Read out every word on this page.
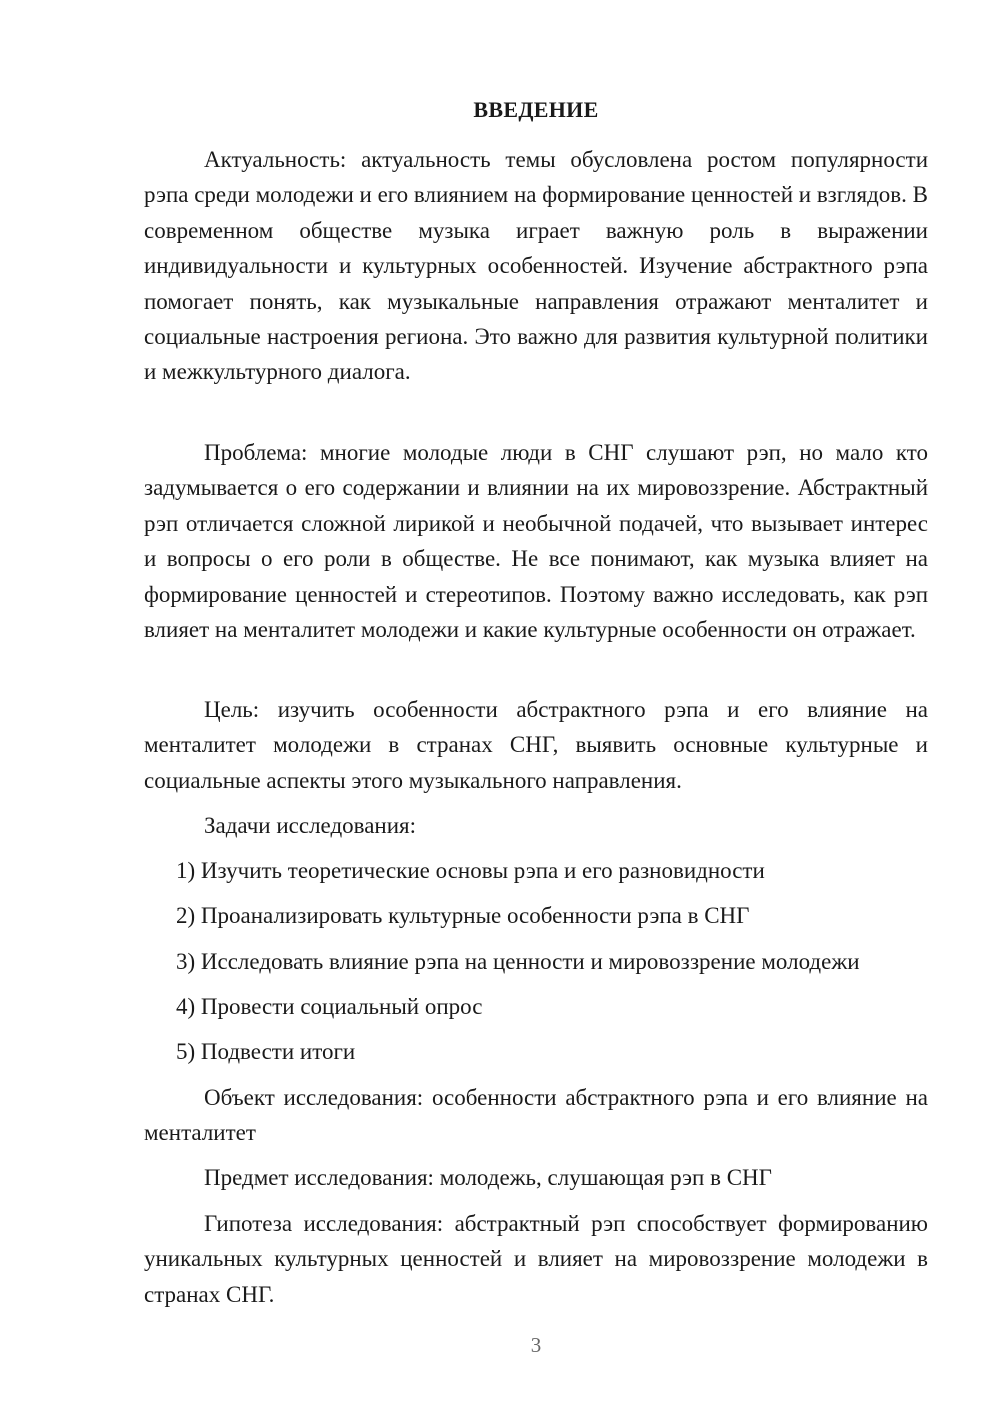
ВВЕДЕНИЕ

Актуальность: актуальность темы обусловлена ростом популярности рэпа среди молодежи и его влиянием на формирование ценностей и взглядов. В современном обществе музыка играет важную роль в выражении индивидуальности и культурных особенностей. Изучение абстрактного рэпа помогает понять, как музыкальные направления отражают менталитет и социальные настроения региона. Это важно для развития культурной политики и межкультурного диалога.

Проблема: многие молодые люди в СНГ слушают рэп, но мало кто задумывается о его содержании и влиянии на их мировоззрение. Абстрактный рэп отличается сложной лирикой и необычной подачей, что вызывает интерес и вопросы о его роли в обществе. Не все понимают, как музыка влияет на формирование ценностей и стереотипов. Поэтому важно исследовать, как рэп влияет на менталитет молодежи и какие культурные особенности он отражает.

Цель: изучить особенности абстрактного рэпа и его влияние на менталитет молодежи в странах СНГ, выявить основные культурные и социальные аспекты этого музыкального направления.

Задачи исследования:

1) Изучить теоретические основы рэпа и его разновидности
2) Проанализировать культурные особенности рэпа в СНГ
3) Исследовать влияние рэпа на ценности и мировоззрение молодежи
4) Провести социальный опрос
5) Подвести итоги

Объект исследования: особенности абстрактного рэпа и его влияние на менталитет

Предмет исследования: молодежь, слушающая рэп в СНГ

Гипотеза исследования: абстрактный рэп способствует формированию уникальных культурных ценностей и влияет на мировоззрение молодежи в странах СНГ.

3
